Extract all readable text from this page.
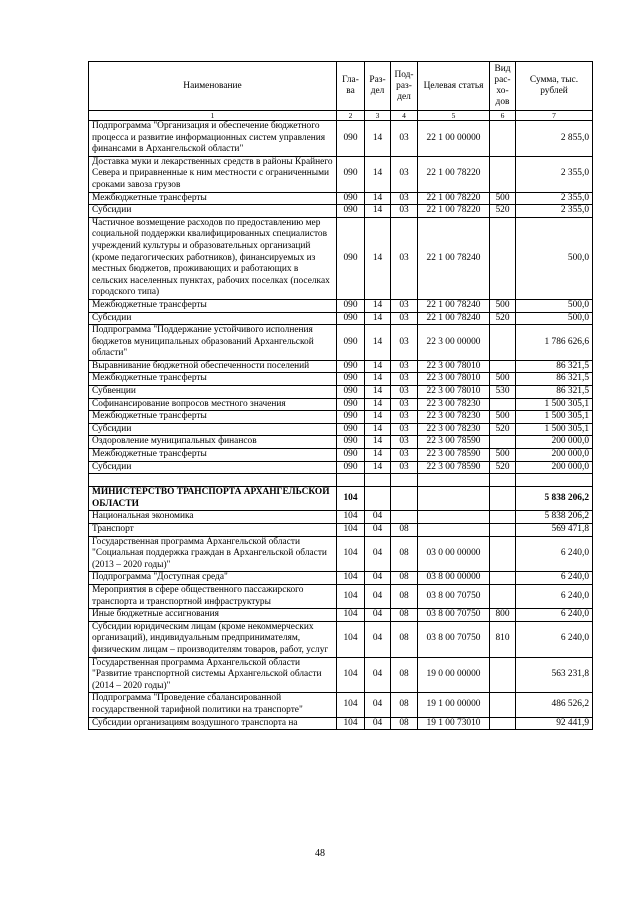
Наименование	Гла-ва	Раз-дел	Под-раз-дел	Целевая статья	Вид рас-хо-дов	Сумма, тыс. рублей
1	2	3	4	5	6	7
Подпрограмма "Организация и обеспечение бюджетного процесса и развитие информационных систем управления финансами в Архангельской области"	090	14	03	22 1 00 00000		2 855,0
Доставка муки и лекарственных средств в районы Крайнего Севера и приравненные к ним местности с ограниченными сроками завоза грузов	090	14	03	22 1 00 78220		2 355,0
Межбюджетные трансферты	090	14	03	22 1 00 78220	500	2 355,0
Субсидии	090	14	03	22 1 00 78220	520	2 355,0
Частичное возмещение расходов по предоставлению мер социальной поддержки квалифицированных специалистов учреждений культуры и образовательных организаций (кроме педагогических работников), финансируемых из местных бюджетов, проживающих и работающих в сельских населенных пунктах, рабочих поселках (поселках городского типа)	090	14	03	22 1 00 78240		500,0
Межбюджетные трансферты	090	14	03	22 1 00 78240	500	500,0
Субсидии	090	14	03	22 1 00 78240	520	500,0
Подпрограмма "Поддержание устойчивого исполнения бюджетов муниципальных образований Архангельской области"	090	14	03	22 3 00 00000		1 786 626,6
Выравнивание бюджетной обеспеченности поселений	090	14	03	22 3 00 78010		86 321,5
Межбюджетные трансферты	090	14	03	22 3 00 78010	500	86 321,5
Субвенции	090	14	03	22 3 00 78010	530	86 321,5
Софинансирование вопросов местного значения	090	14	03	22 3 00 78230		1 500 305,1
Межбюджетные трансферты	090	14	03	22 3 00 78230	500	1 500 305,1
Субсидии	090	14	03	22 3 00 78230	520	1 500 305,1
Оздоровление муниципальных финансов	090	14	03	22 3 00 78590		200 000,0
Межбюджетные трансферты	090	14	03	22 3 00 78590	500	200 000,0
Субсидии	090	14	03	22 3 00 78590	520	200 000,0

МИНИСТЕРСТВО ТРАНСПОРТА АРХАНГЕЛЬСКОЙ ОБЛАСТИ	104					5 838 206,2
Национальная экономика	104	04				5 838 206,2
Транспорт	104	04	08			569 471,8
Государственная программа Архангельской области "Социальная поддержка граждан в Архангельской области (2013 – 2020 годы)"	104	04	08	03 0 00 00000		6 240,0
Подпрограмма "Доступная среда"	104	04	08	03 8 00 00000		6 240,0
Мероприятия в сфере общественного пассажирского транспорта и транспортной инфраструктуры	104	04	08	03 8 00 70750		6 240,0
Иные бюджетные ассигнования	104	04	08	03 8 00 70750	800	6 240,0
Субсидии юридическим лицам (кроме некоммерческих организаций), индивидуальным предпринимателям, физическим лицам – производителям товаров, работ, услуг	104	04	08	03 8 00 70750	810	6 240,0
Государственная программа Архангельской области "Развитие транспортной системы Архангельской области (2014 – 2020 годы)"	104	04	08	19 0 00 00000		563 231,8
Подпрограмма "Проведение сбалансированной государственной тарифной политики на транспорте"	104	04	08	19 1 00 00000		486 526,2
Субсидии организациям воздушного транспорта на	104	04	08	19 1 00 73010		92 441,9
48
